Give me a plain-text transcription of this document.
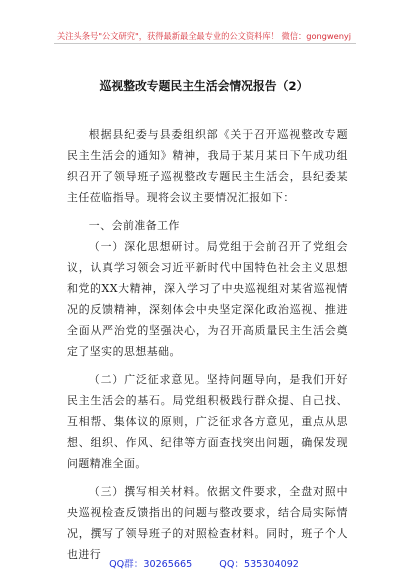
关注头条号"公文研究"，获得最新最全最专业的公文资料库！ 微信：gongwenyj
巡视整改专题民主生活会情况报告（2）

根据县纪委与县委组织部《关于召开巡视整改专题民主生活会的通知》精神，我局于某月某日下午成功组织召开了领导班子巡视整改专题民主生活会，县纪委某主任莅临指导。现将会议主要情况汇报如下：

一、会前准备工作

（一）深化思想研讨。局党组于会前召开了党组会议，认真学习领会习近平新时代中国特色社会主义思想和党的XX大精神，深入学习了中央巡视组对某省巡视情况的反馈精神，深刻体会中央坚定深化政治巡视、推进全面从严治党的坚强决心，为召开高质量民主生活会奠定了坚实的思想基础。

（二）广泛征求意见。坚持问题导向，是我们开好民主生活会的基石。局党组积极践行群众提、自己找、互相帮、集体议的原则，广泛征求各方意见，重点从思想、组织、作风、纪律等方面查找突出问题，确保发现问题精准全面。

（三）撰写相关材料。依据文件要求，全盘对照中央巡视检查反馈指出的问题与整改要求，结合局实际情况，撰写了领导班子的对照检查材料。同时，班子个人也进行

QQ群：30265665	QQ：535304092
